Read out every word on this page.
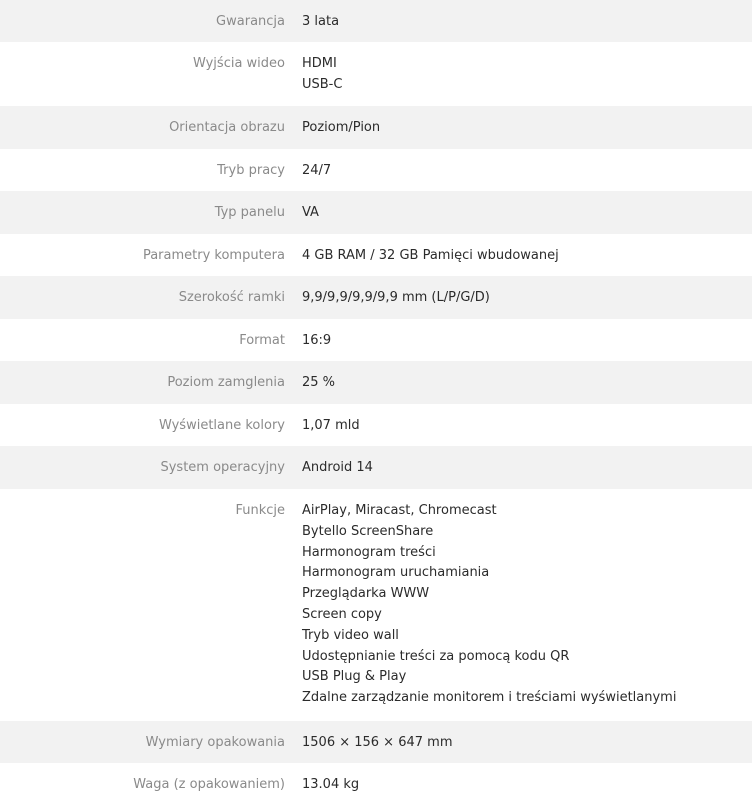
Gwarancja 3 lata
Wyjścia wideo HDMI
USB-C
Orientacja obrazu Poziom/Pion
Tryb pracy 24/7
Typ panelu VA
Parametry komputera 4 GB RAM / 32 GB Pamięci wbudowanej
Szerokość ramki 9,9/9,9/9,9/9,9 mm (L/P/G/D)
Format 16:9
Poziom zamglenia 25 %
Wyświetlane kolory 1,07 mld
System operacyjny Android 14
Funkcje AirPlay, Miracast, Chromecast
Bytello ScreenShare
Harmonogram treści
Harmonogram uruchamiania
Przeglądarka WWW
Screen copy
Tryb video wall
Udostępnianie treści za pomocą kodu QR
USB Plug & Play
Zdalne zarządzanie monitorem i treściami wyświetlanymi
Wymiary opakowania 1506 × 156 × 647 mm
Waga (z opakowaniem) 13.04 kg
